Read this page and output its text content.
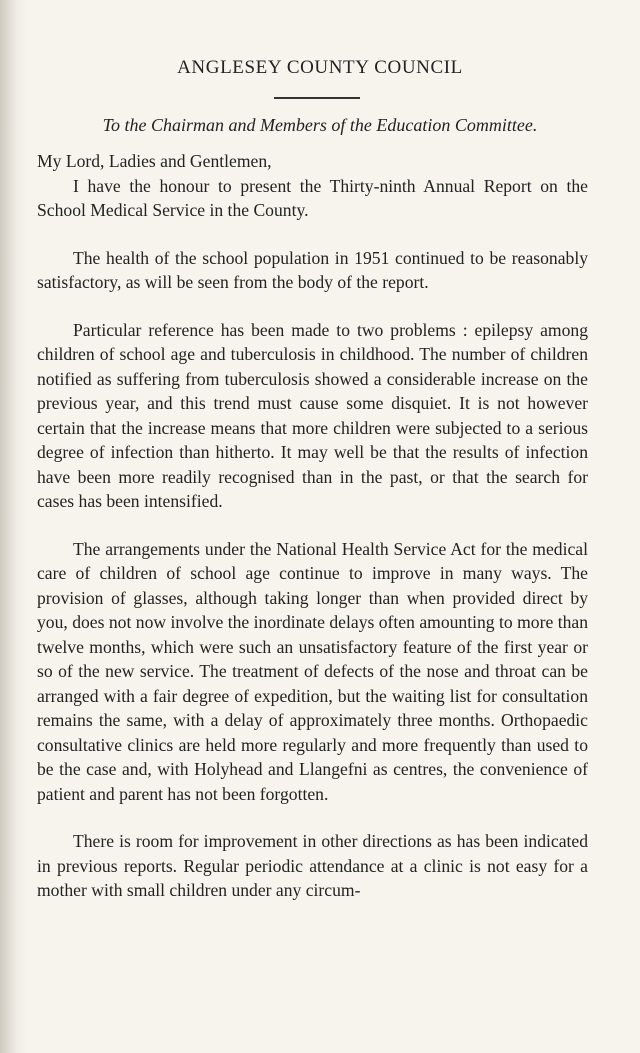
ANGLESEY COUNTY COUNCIL
To the Chairman and Members of the Education Committee.

My Lord, Ladies and Gentlemen,

I have the honour to present the Thirty-ninth Annual Report on the School Medical Service in the County.

The health of the school population in 1951 continued to be reasonably satisfactory, as will be seen from the body of the report.

Particular reference has been made to two problems : epilepsy among children of school age and tuberculosis in childhood. The number of children notified as suffering from tuberculosis showed a considerable increase on the previous year, and this trend must cause some disquiet. It is not however certain that the increase means that more children were subjected to a serious degree of infection than hitherto. It may well be that the results of infection have been more readily recognised than in the past, or that the search for cases has been intensified.

The arrangements under the National Health Service Act for the medical care of children of school age continue to improve in many ways. The provision of glasses, although taking longer than when provided direct by you, does not now involve the inordinate delays often amounting to more than twelve months, which were such an unsatisfactory feature of the first year or so of the new service. The treatment of defects of the nose and throat can be arranged with a fair degree of expedition, but the waiting list for consultation remains the same, with a delay of approximately three months. Orthopaedic consultative clinics are held more regularly and more frequently than used to be the case and, with Holyhead and Llangefni as centres, the convenience of patient and parent has not been forgotten.

There is room for improvement in other directions as has been indicated in previous reports. Regular periodic attendance at a clinic is not easy for a mother with small children under any circum-
